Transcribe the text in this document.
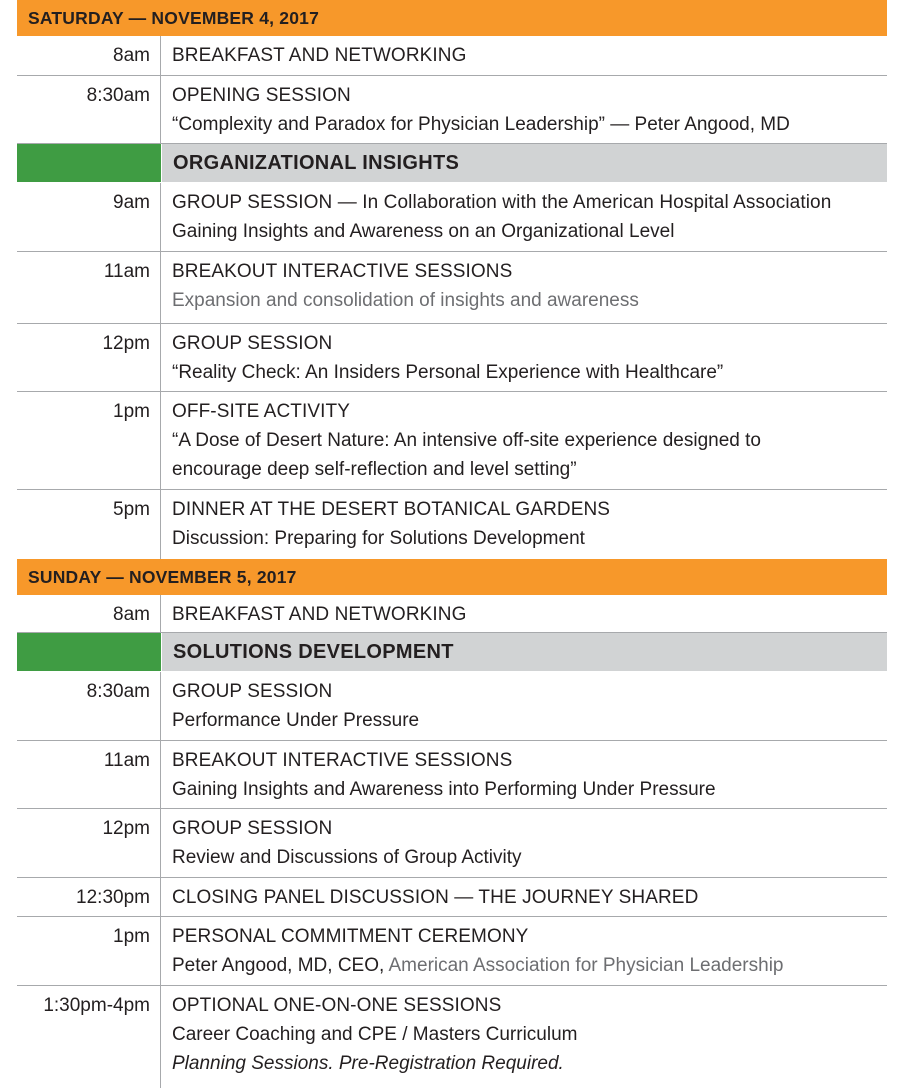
SATURDAY — NOVEMBER 4, 2017
8am	BREAKFAST AND NETWORKING
8:30am	OPENING SESSION
“Complexity and Paradox for Physician Leadership” — Peter Angood, MD
ORGANIZATIONAL INSIGHTS
9am	GROUP SESSION — In Collaboration with the American Hospital Association
Gaining Insights and Awareness on an Organizational Level
11am	BREAKOUT INTERACTIVE SESSIONS
Expansion and consolidation of insights and awareness
12pm	GROUP SESSION
“Reality Check: An Insiders Personal Experience with Healthcare”
1pm	OFF-SITE ACTIVITY
“A Dose of Desert Nature: An intensive off-site experience designed to
encourage deep self-reflection and level setting”
5pm	DINNER AT THE DESERT BOTANICAL GARDENS
Discussion: Preparing for Solutions Development
SUNDAY — NOVEMBER 5, 2017
8am	BREAKFAST AND NETWORKING
SOLUTIONS DEVELOPMENT
8:30am	GROUP SESSION
Performance Under Pressure
11am	BREAKOUT INTERACTIVE SESSIONS
Gaining Insights and Awareness into Performing Under Pressure
12pm	GROUP SESSION
Review and Discussions of Group Activity
12:30pm	CLOSING PANEL DISCUSSION — THE JOURNEY SHARED
1pm	PERSONAL COMMITMENT CEREMONY
Peter Angood, MD, CEO, American Association for Physician Leadership
1:30pm-4pm	OPTIONAL ONE-ON-ONE SESSIONS
Career Coaching and CPE / Masters Curriculum
Planning Sessions. Pre-Registration Required.
